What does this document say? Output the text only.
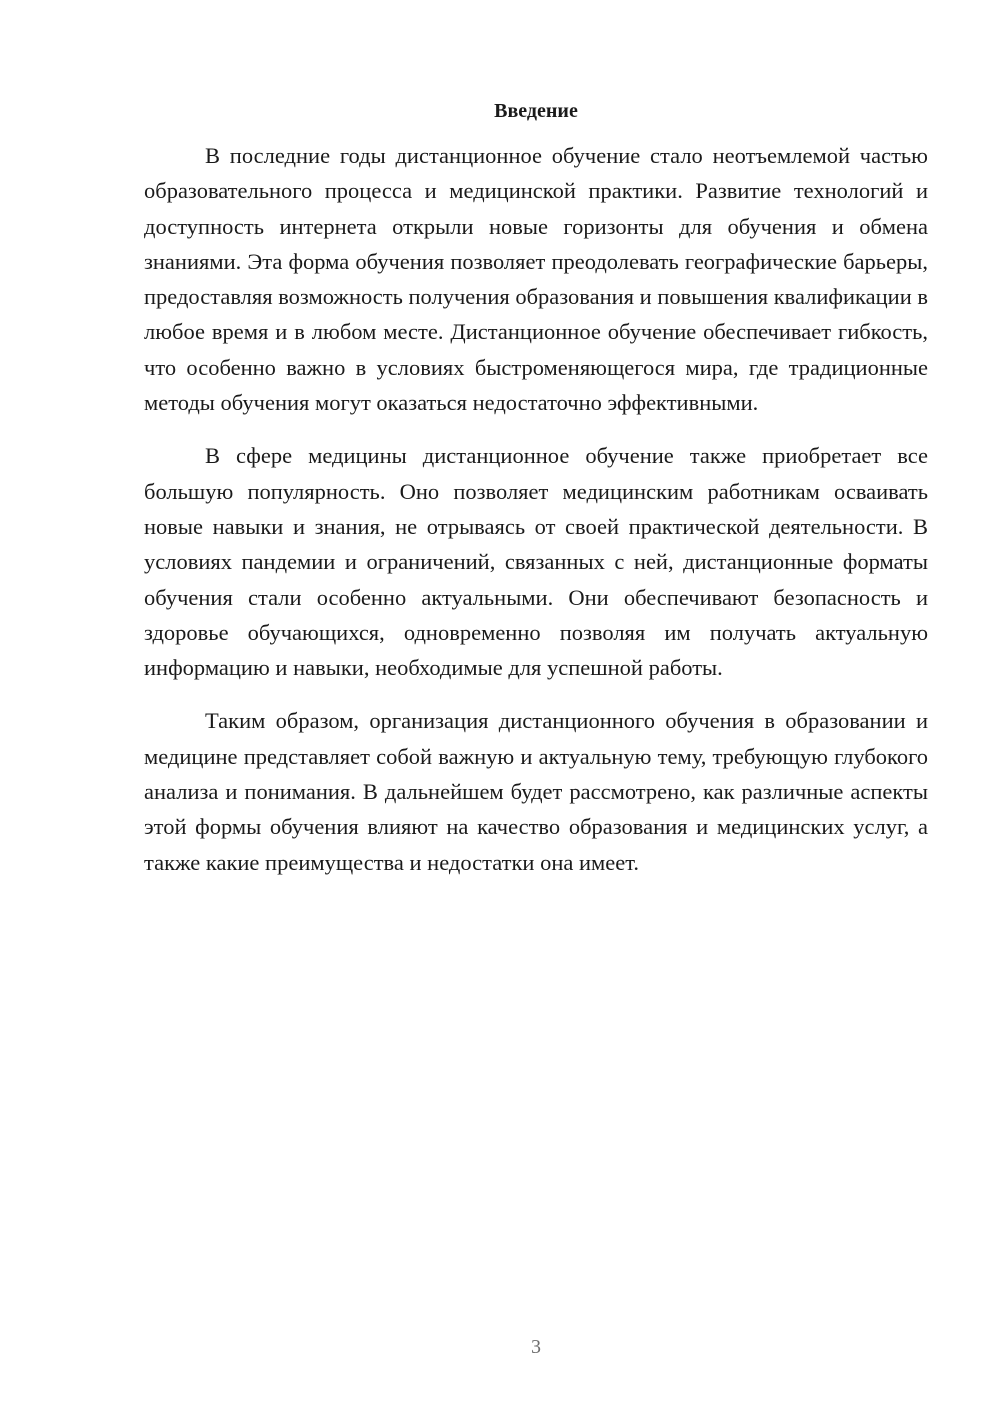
Введение

В последние годы дистанционное обучение стало неотъемлемой частью образовательного процесса и медицинской практики. Развитие технологий и доступность интернета открыли новые горизонты для обучения и обмена знаниями. Эта форма обучения позволяет преодолевать географические барьеры, предоставляя возможность получения образования и повышения квалификации в любое время и в любом месте. Дистанционное обучение обеспечивает гибкость, что особенно важно в условиях быстроменяющегося мира, где традиционные методы обучения могут оказаться недостаточно эффективными.

В сфере медицины дистанционное обучение также приобретает все большую популярность. Оно позволяет медицинским работникам осваивать новые навыки и знания, не отрываясь от своей практической деятельности. В условиях пандемии и ограничений, связанных с ней, дистанционные форматы обучения стали особенно актуальными. Они обеспечивают безопасность и здоровье обучающихся, одновременно позволяя им получать актуальную информацию и навыки, необходимые для успешной работы.

Таким образом, организация дистанционного обучения в образовании и медицине представляет собой важную и актуальную тему, требующую глубокого анализа и понимания. В дальнейшем будет рассмотрено, как различные аспекты этой формы обучения влияют на качество образования и медицинских услуг, а также какие преимущества и недостатки она имеет.

3
